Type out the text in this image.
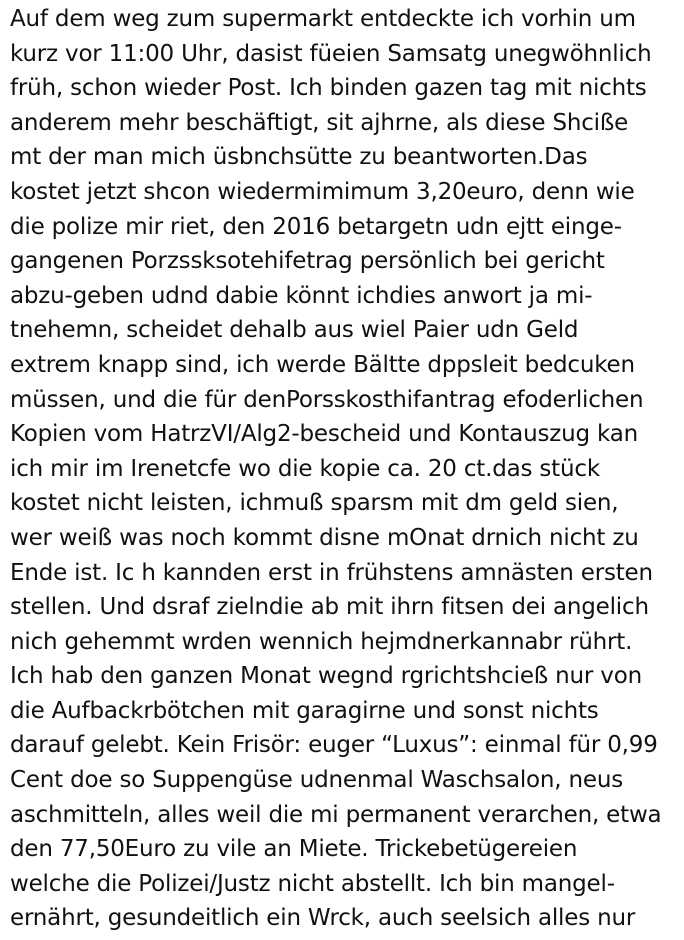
Auf dem weg zum supermarkt entdeckte ich vorhin um
kurz vor 11:00 Uhr, dasist füeien Samsatg unegwöhnlich
früh, schon wieder Post. Ich binden gazen tag mit nichts
anderem mehr beschäftigt, sit ajhrne, als diese Shciße
mt der man mich üsbnchsütte zu beantworten.Das
kostet jetzt shcon wiedermimimum 3,20euro, denn wie
die polize mir riet, den 2016 betargetn udn ejtt einge-
gangenen Porzssksotehifetrag persönlich bei gericht
abzu-geben udnd dabie könnt ichdies anwort ja mi-
tnehemn, scheidet dehalb aus wiel Paier udn Geld
extrem knapp sind, ich werde Bältte dppsleit bedcuken
müssen, und die für denPorsskosthifantrag efoderlichen
Kopien vom HatrzVI/Alg2-bescheid und Kontauszug kan
ich mir im Irenetcfe wo die kopie ca. 20 ct.das stück
kostet nicht leisten, ichmuß sparsm mit dm geld sien,
wer weiß was noch kommt disne mOnat drnich nicht zu
Ende ist. Ic h kannden erst in frühstens amnästen ersten
stellen. Und dsraf zielndie ab mit ihrn fitsen dei angelich
nich gehemmt wrden wennich hejmdnerkannabr rührt.
Ich hab den ganzen Monat wegnd rgrichtshcieß nur von
die Aufbackrbötchen mit garagirne und sonst nichts
darauf gelebt. Kein Frisör: euger “Luxus”: einmal für 0,99
Cent doe so Suppengüse udnenmal Waschsalon, neus
aschmitteln, alles weil die mi permanent verarchen, etwa
den 77,50Euro zu vile an Miete. Trickebetügereien
welche die Polizei/Justz nicht abstellt. Ich bin mangel-
ernährt, gesundeitlich ein Wrck, auch seelsich alles nur
